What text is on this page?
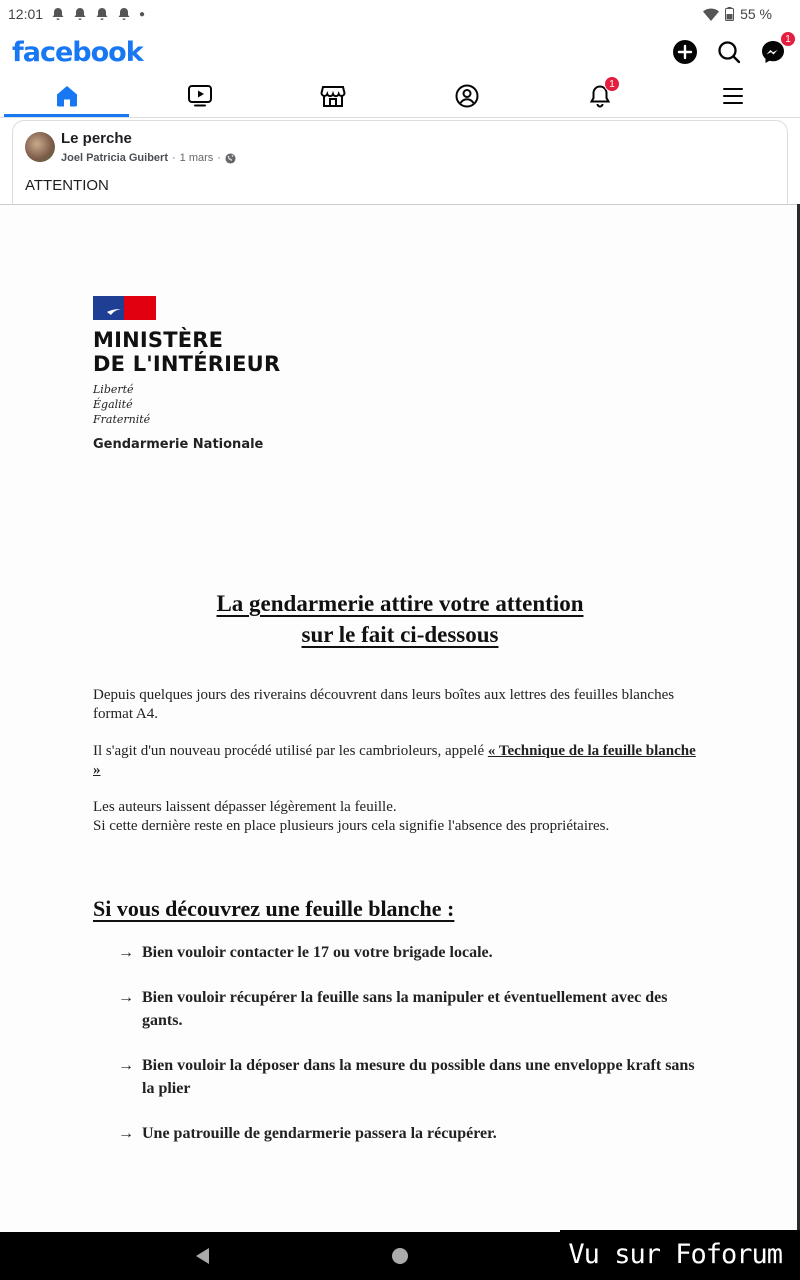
12:01	●	55 %
facebook	1
1
Le perche
Joel Patricia Guibert · 1 mars ·
ATTENTION
MINISTÈRE
DE L'INTÉRIEUR
Liberté
Égalité
Fraternité
Gendarmerie Nationale
La gendarmerie attire votre attention
sur le fait ci-dessous

Depuis quelques jours des riverains découvrent dans leurs boîtes aux lettres des feuilles blanches format A4.

Il s'agit d'un nouveau procédé utilisé par les cambrioleurs, appelé « Technique de la feuille blanche »

Les auteurs laissent dépasser légèrement la feuille.
Si cette dernière reste en place plusieurs jours cela signifie l'absence des propriétaires.

Si vous découvrez une feuille blanche :
→ Bien vouloir contacter le 17 ou votre brigade locale.
→ Bien vouloir récupérer la feuille sans la manipuler et éventuellement avec des gants.
→ Bien vouloir la déposer dans la mesure du possible dans une enveloppe kraft sans la plier
→ Une patrouille de gendarmerie passera la récupérer.
Vu sur Foforum
